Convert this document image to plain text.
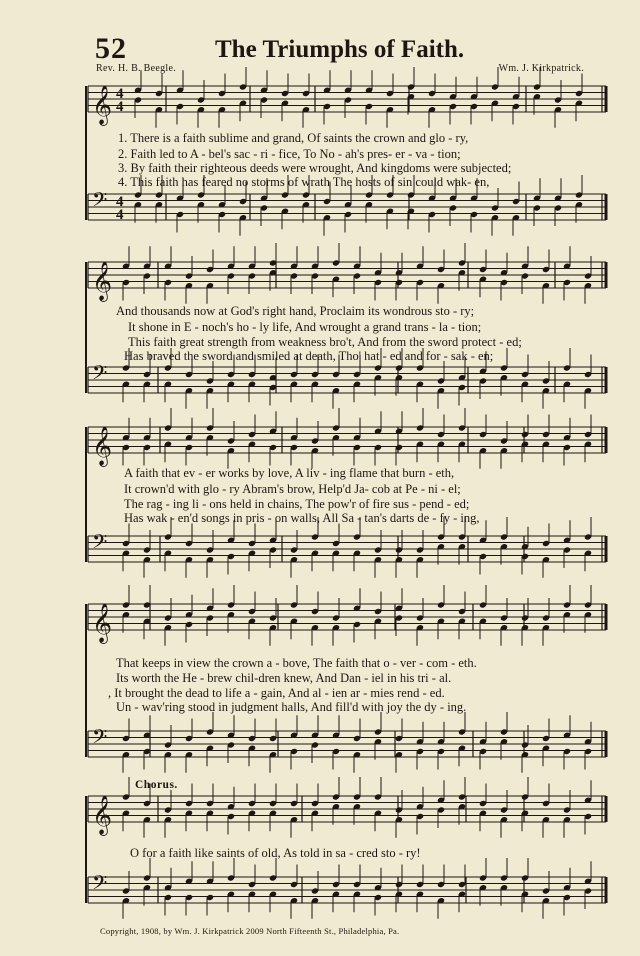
52	The Triumphs of Faith.
Rev. H. B. Beegle.	Wm. J. Kirkpatrick.
𝄞 4
4
𝄢 4
4
𝄞
𝄢
𝄞
𝄢
𝄞
𝄢
𝄞
𝄢
1. There is a faith sublime and grand, Of saints the crown and glo - ry,
2. Faith led to A - bel's sac - ri - fice, To No - ah's pres- er - va - tion;
3. By faith their righteous deeds were wrought, And kingdoms were subjected;
4. This faith has feared no storms of wrath The hosts of sin could wak- en,
And thousands now at God's right hand, Proclaim its wondrous sto - ry;
It shone in E - noch's ho - ly life, And wrought a grand trans - la - tion;
This faith great strength from weakness bro't, And from the sword protect - ed;
Has braved the sword and smiled at death, Tho' hat - ed and for - sak - en;
A faith that ev - er works by love, A liv - ing flame that burn - eth,
It crown'd with glo - ry Abram's brow, Help'd Ja- cob at Pe - ni - el;
The rag - ing li - ons held in chains, The pow'r of fire sus - pend - ed;
Has wak - en'd songs in pris - on walls, All Sa - tan's darts de - fy - ing,
That keeps in view the crown a - bove, The faith that o - ver - com - eth.
Its worth the He - brew chil-dren knew, And Dan - iel in his tri - al.
, It brought the dead to life a - gain, And al - ien ar - mies rend - ed.
Un - wav'ring stood in judgment halls, And fill'd with joy the dy - ing.
Chorus.
O for a faith like saints of old, As told in sa - cred sto - ry!
Copyright, 1908, by Wm. J. Kirkpatrick 2009 North Fifteenth St., Philadelphia, Pa.
